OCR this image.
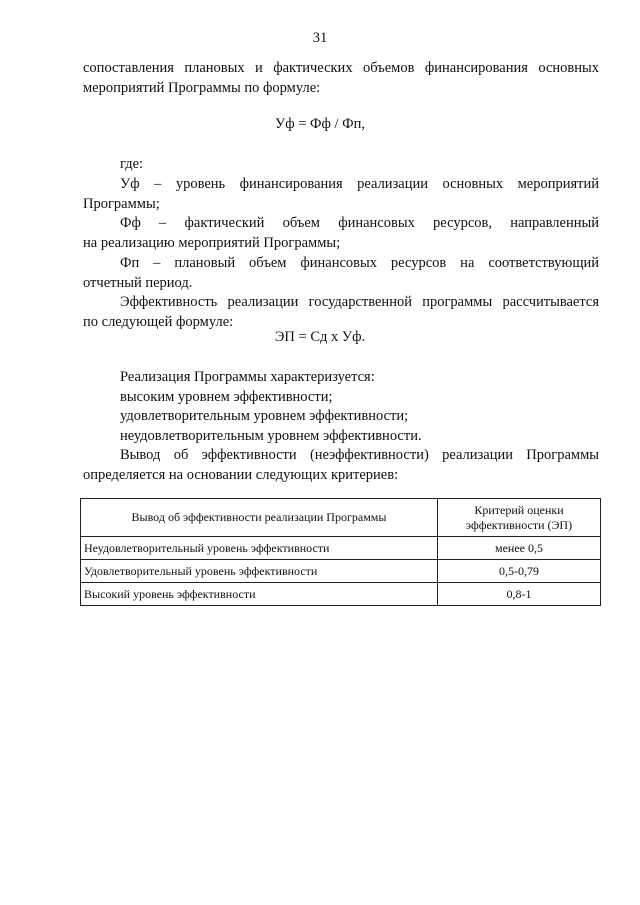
31

сопоставления плановых и фактических объемов финансирования основных

мероприятий Программы по формуле:

Уф = Фф / Фп,

где:

Уф – уровень финансирования реализации основных мероприятий

Программы;

Фф – фактический объем финансовых ресурсов, направленный

на реализацию мероприятий Программы;

Фп – плановый объем финансовых ресурсов на соответствующий

отчетный период.

Эффективность реализации государственной программы рассчитывается

по следующей формуле:

ЭП = Сд х Уф.

Реализация Программы характеризуется:

высоким уровнем эффективности;

удовлетворительным уровнем эффективности;

неудовлетворительным уровнем эффективности.

Вывод об эффективности (неэффективности) реализации Программы

определяется на основании следующих критериев:

Вывод об эффективности реализации Программы	Критерий оценки
эффективности (ЭП)

Неудовлетворительный уровень эффективности	менее 0,5
Удовлетворительный уровень эффективности	0,5-0,79
Высокий уровень эффективности	0,8-1
